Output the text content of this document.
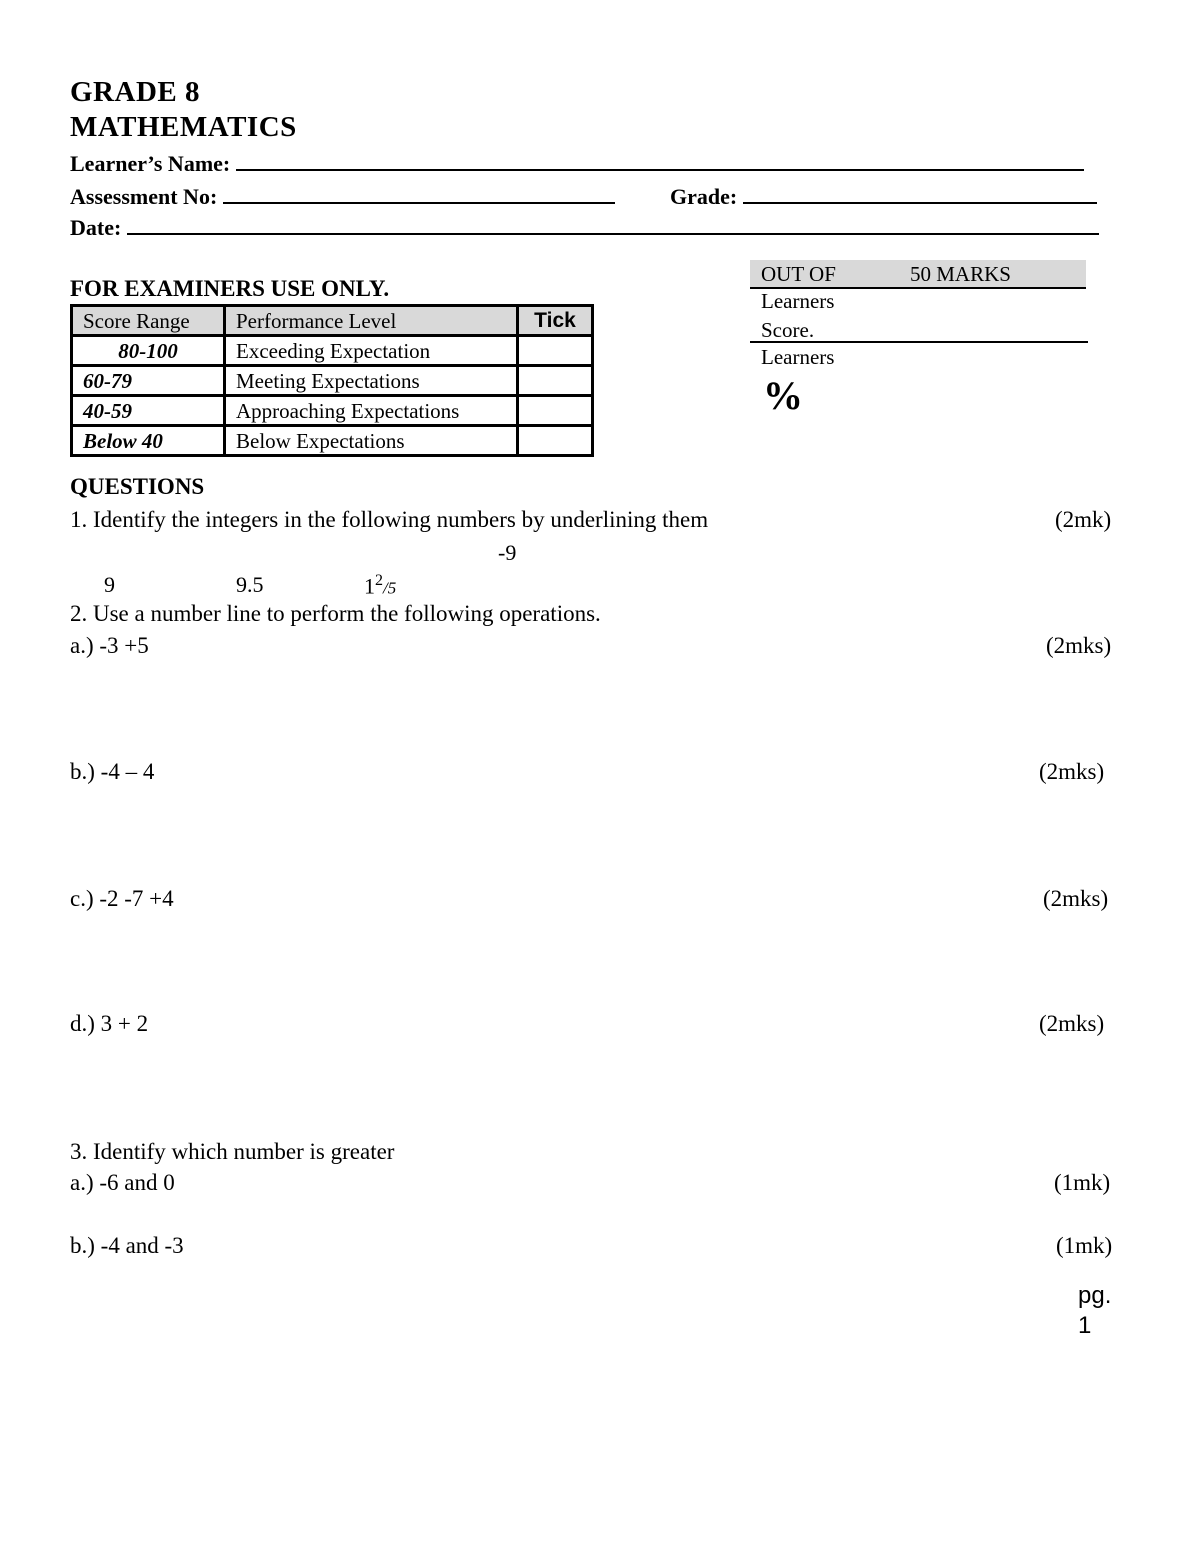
GRADE 8
MATHEMATICS
Learner’s Name:
Assessment No:	Grade:
Date:
FOR EXAMINERS USE ONLY.
Score Range	Performance Level	Tick
80-100	Exceeding Expectation	
60-79	Meeting Expectations	
40-59	Approaching Expectations	
Below 40	Below Expectations	
OUT OF	50 MARKS
Learners
Score.
Learners
%
QUESTIONS
1. Identify the integers in the following numbers by underlining them	(2mk)
-9
9	9.5	$1^2/5$
2. Use a number line to perform the following operations.
a.) -3 +5	(2mks)
b.) -4 – 4	(2mks)
c.) -2 -7 +4	(2mks)
d.) 3 + 2	(2mks)
3. Identify which number is greater
a.) -6 and 0	(1mk)
b.) -4 and -3	(1mk)
pg.
1
